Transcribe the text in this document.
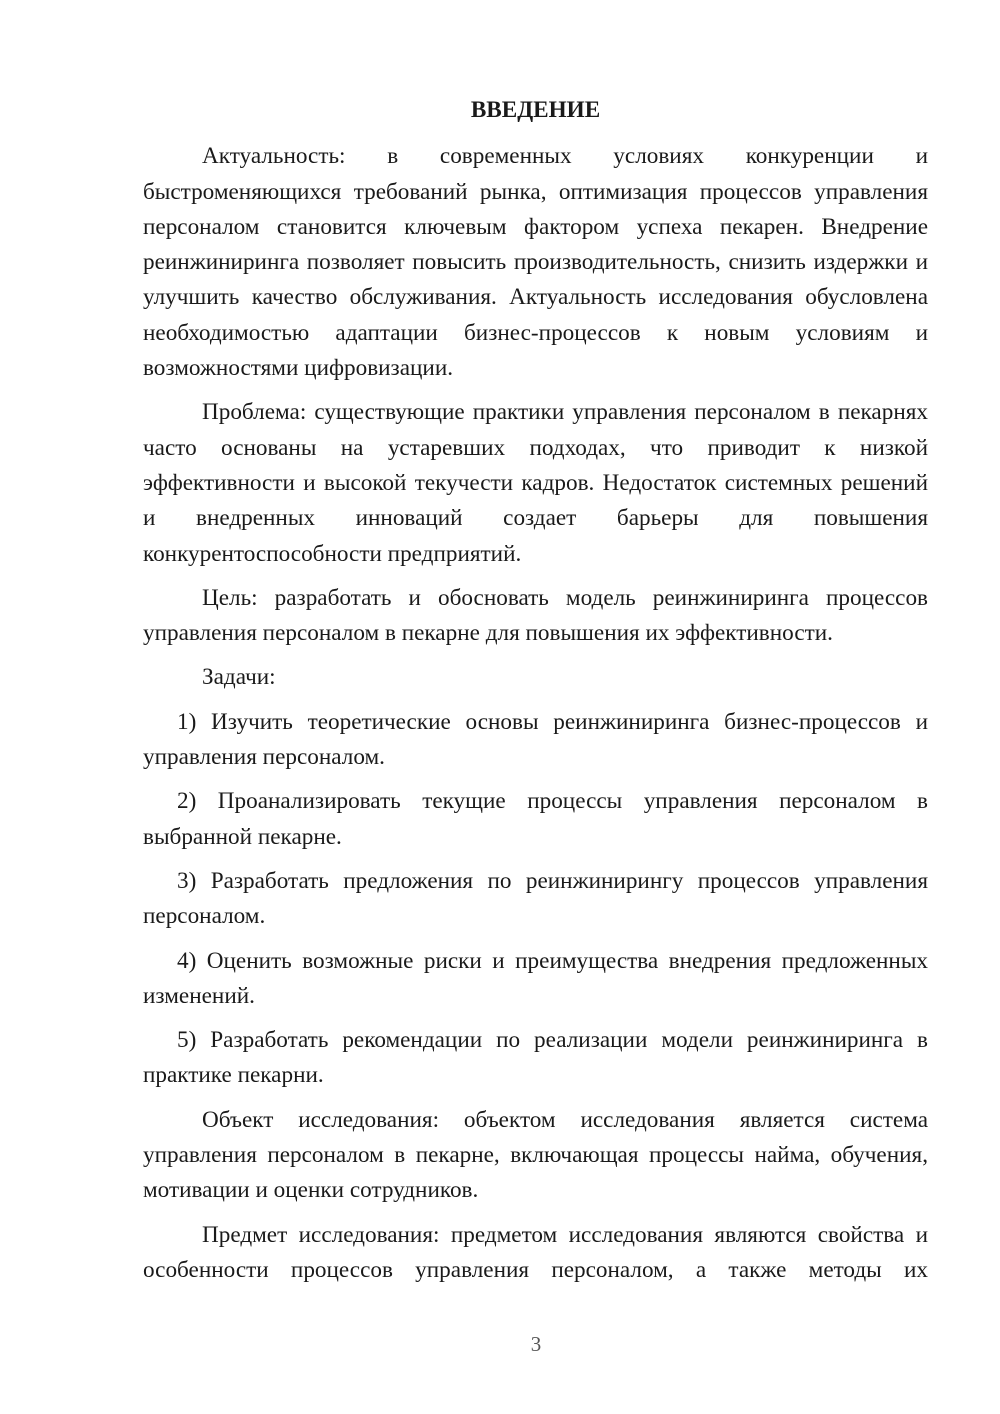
ВВЕДЕНИЕ

Актуальность: в современных условиях конкуренции и быстроменяющихся требований рынка, оптимизация процессов управления персоналом становится ключевым фактором успеха пекарен. Внедрение реинжиниринга позволяет повысить производительность, снизить издержки и улучшить качество обслуживания. Актуальность исследования обусловлена необходимостью адаптации бизнес-процессов к новым условиям и возможностями цифровизации.

Проблема: существующие практики управления персоналом в пекарнях часто основаны на устаревших подходах, что приводит к низкой эффективности и высокой текучести кадров. Недостаток системных решений и внедренных инноваций создает барьеры для повышения конкурентоспособности предприятий.

Цель: разработать и обосновать модель реинжиниринга процессов управления персоналом в пекарне для повышения их эффективности.

Задачи:

1) Изучить теоретические основы реинжиниринга бизнес-процессов и управления персоналом.

2) Проанализировать текущие процессы управления персоналом в выбранной пекарне.

3) Разработать предложения по реинжинирингу процессов управления персоналом.

4) Оценить возможные риски и преимущества внедрения предложенных изменений.

5) Разработать рекомендации по реализации модели реинжиниринга в практике пекарни.

Объект исследования: объектом исследования является система управления персоналом в пекарне, включающая процессы найма, обучения, мотивации и оценки сотрудников.

Предмет исследования: предметом исследования являются свойства и особенности процессов управления персоналом, а также методы их

3
